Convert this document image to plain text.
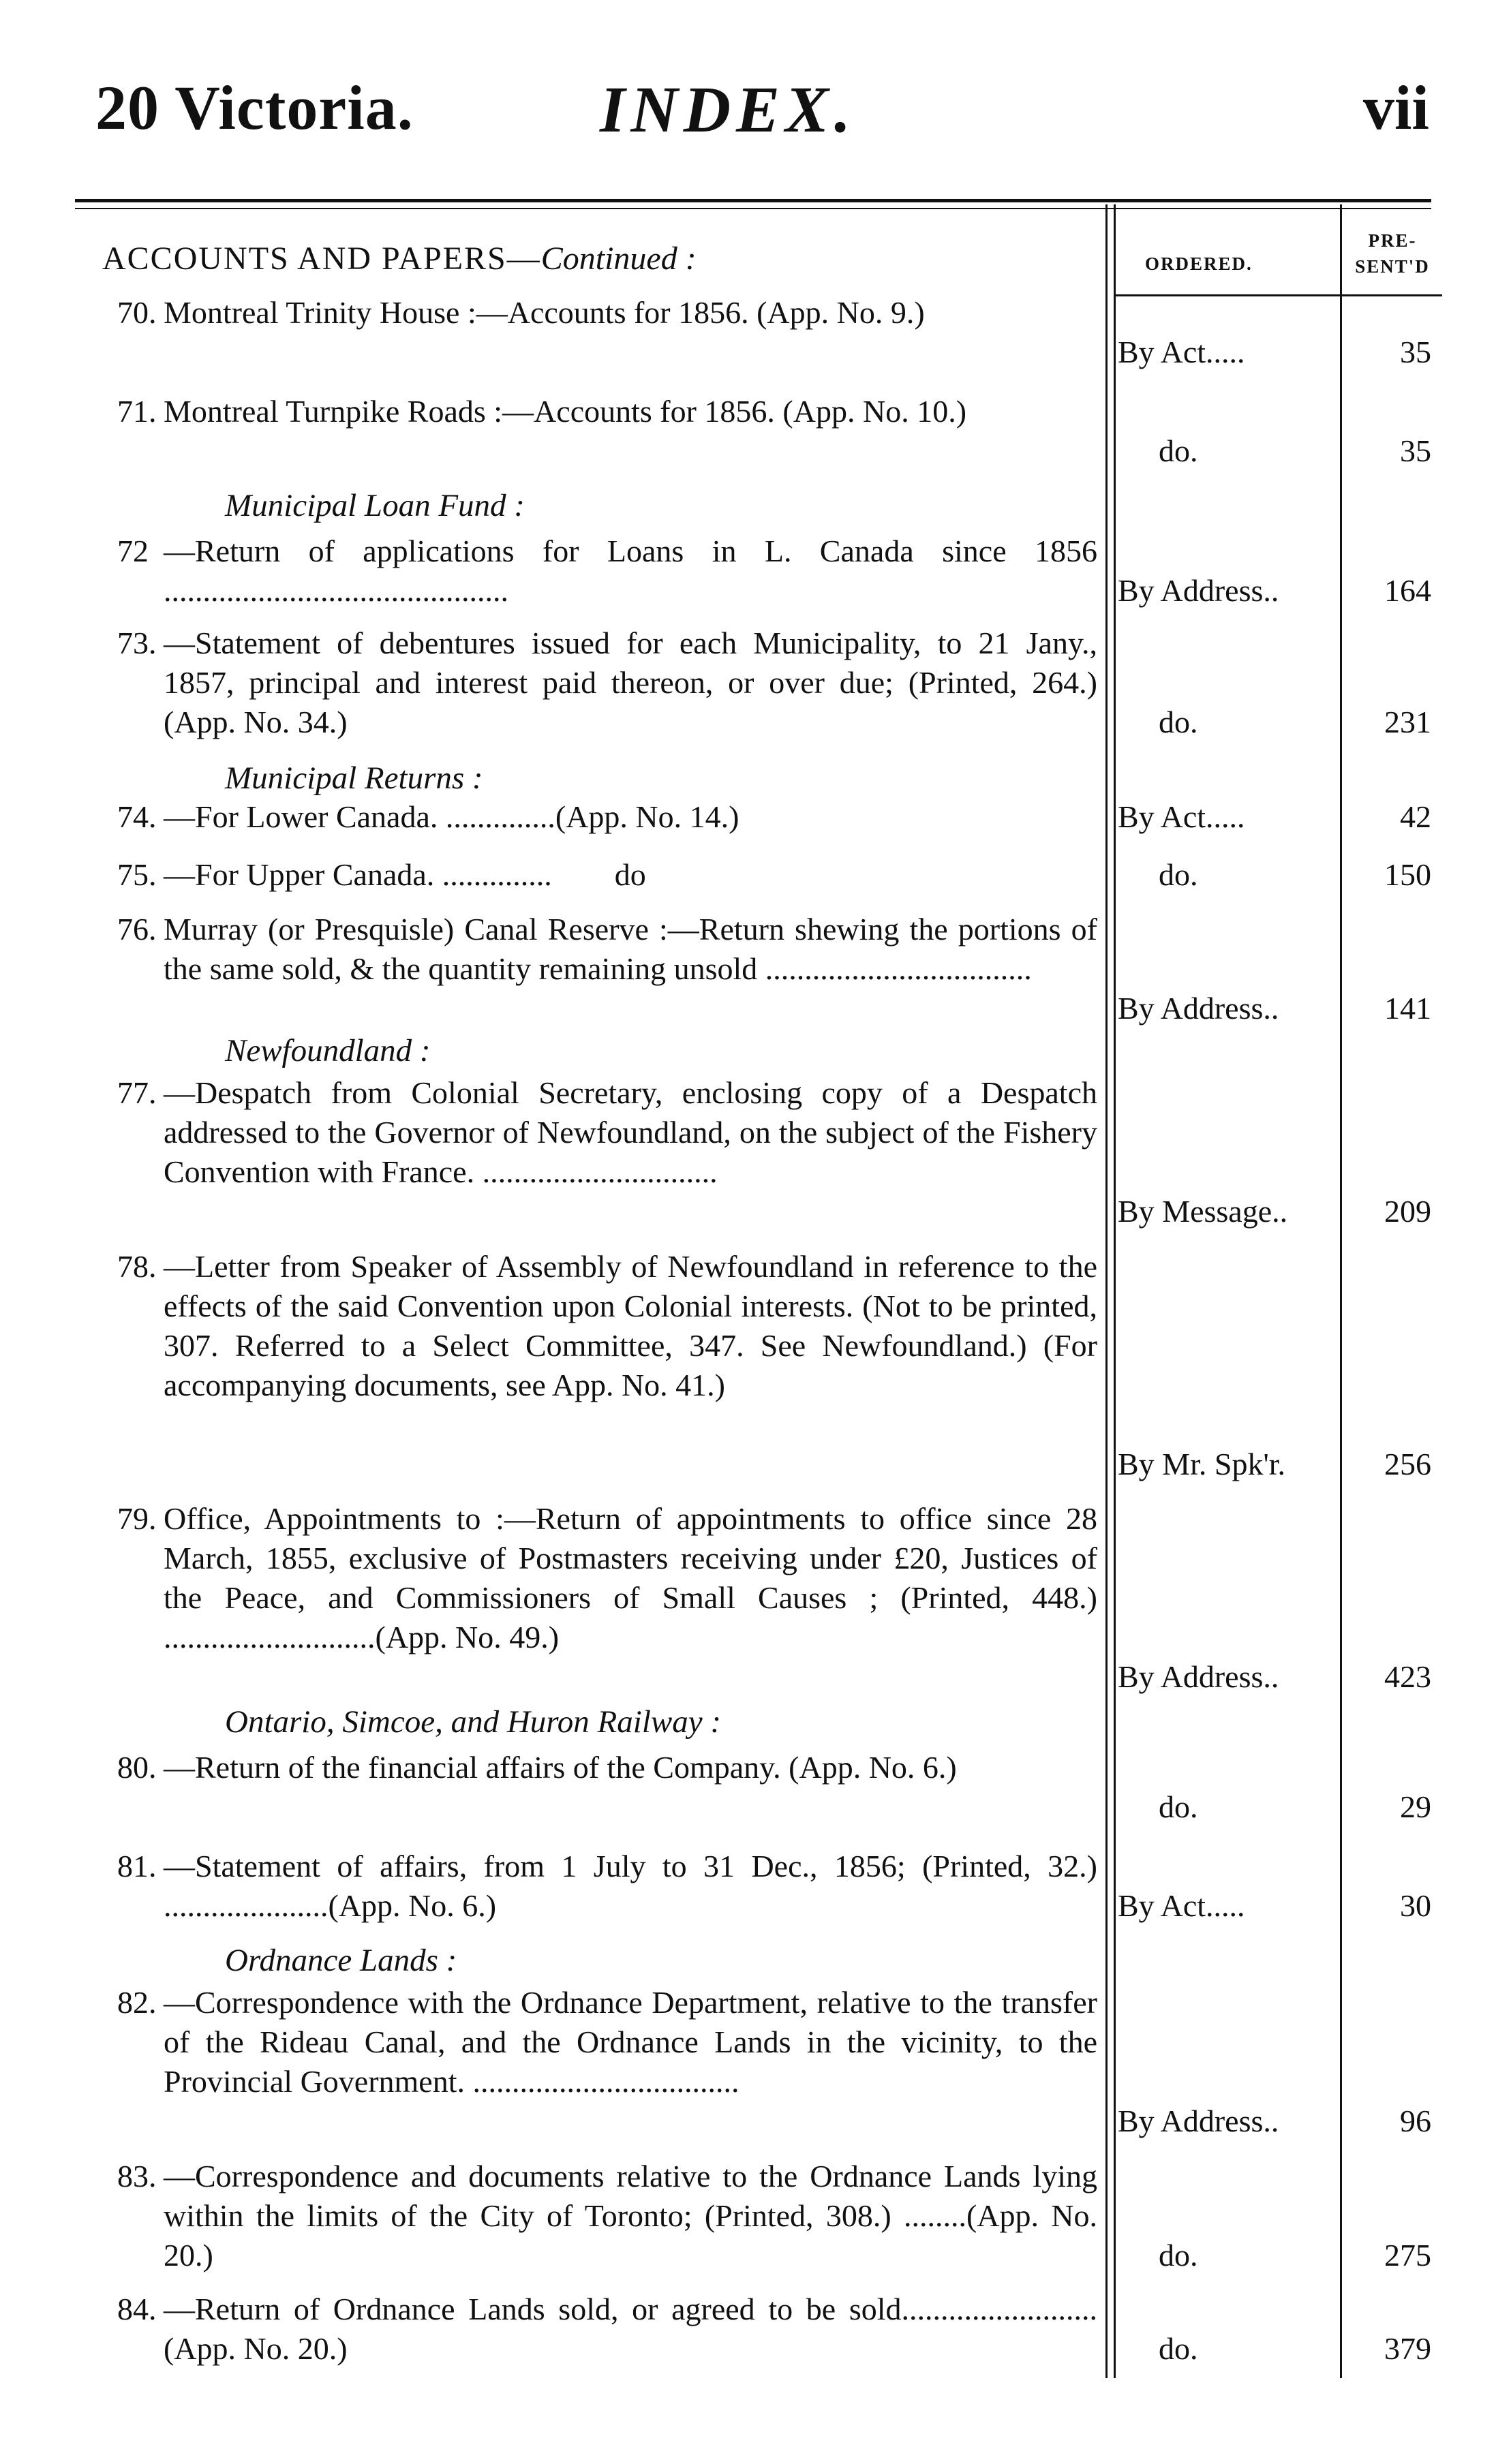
20 Victoria.	INDEX.	vii
ORDERED.
PRE-
SENT'D
ACCOUNTS AND PAPERS—Continued :
70. Montreal Trinity House :—Accounts for 1856. (App. No. 9.)
By Act.....	35
71. Montreal Turnpike Roads :—Accounts for 1856. (App. No. 10.)
do.	35
Municipal Loan Fund :
72 —Return of applications for Loans in L. Canada since 1856 ............................................	By Address..	164
73. —Statement of debentures issued for each Municipality, to 21 Jany., 1857, principal and interest paid thereon, or over due; (Printed, 264.) (App. No. 34.)	do.	231
Municipal Returns :
74. —For Lower Canada. ..............(App. No. 14.)	By Act.....	42
75. —For Upper Canada. ..............        do	do.	150
76. Murray (or Presquisle) Canal Reserve :—Return shewing the portions of the same sold, & the quantity remaining unsold ..................................
By Address..	141
Newfoundland :
77. —Despatch from Colonial Secretary, enclosing copy of a Despatch addressed to the Governor of Newfoundland, on the subject of the Fishery Convention with France. ..............................
By Message..	209
78. —Letter from Speaker of Assembly of Newfoundland in reference to the effects of the said Convention upon Colonial interests. (Not to be printed, 307. Referred to a Select Committee, 347. See Newfoundland.) (For accompanying documents, see App. No. 41.)
By Mr. Spk'r.	256
79. Office, Appointments to :—Return of appointments to office since 28 March, 1855, exclusive of Postmasters receiving under £20, Justices of the Peace, and Commissioners of Small Causes ; (Printed, 448.) ...........................(App. No. 49.)
By Address..	423
Ontario, Simcoe, and Huron Railway :
80. —Return of the financial affairs of the Company. (App. No. 6.)
do.	29
81. —Statement of affairs, from 1 July to 31 Dec., 1856; (Printed, 32.) .....................(App. No. 6.)	By Act.....	30
Ordnance Lands :
82. —Correspondence with the Ordnance Department, relative to the transfer of the Rideau Canal, and the Ordnance Lands in the vicinity, to the Provincial Government. ..................................
By Address..	96
83. —Correspondence and documents relative to the Ordnance Lands lying within the limits of the City of Toronto; (Printed, 308.) ........(App. No. 20.)	do.	275
84. —Return of Ordnance Lands sold, or agreed to be sold.........................(App. No. 20.)	do.	379
